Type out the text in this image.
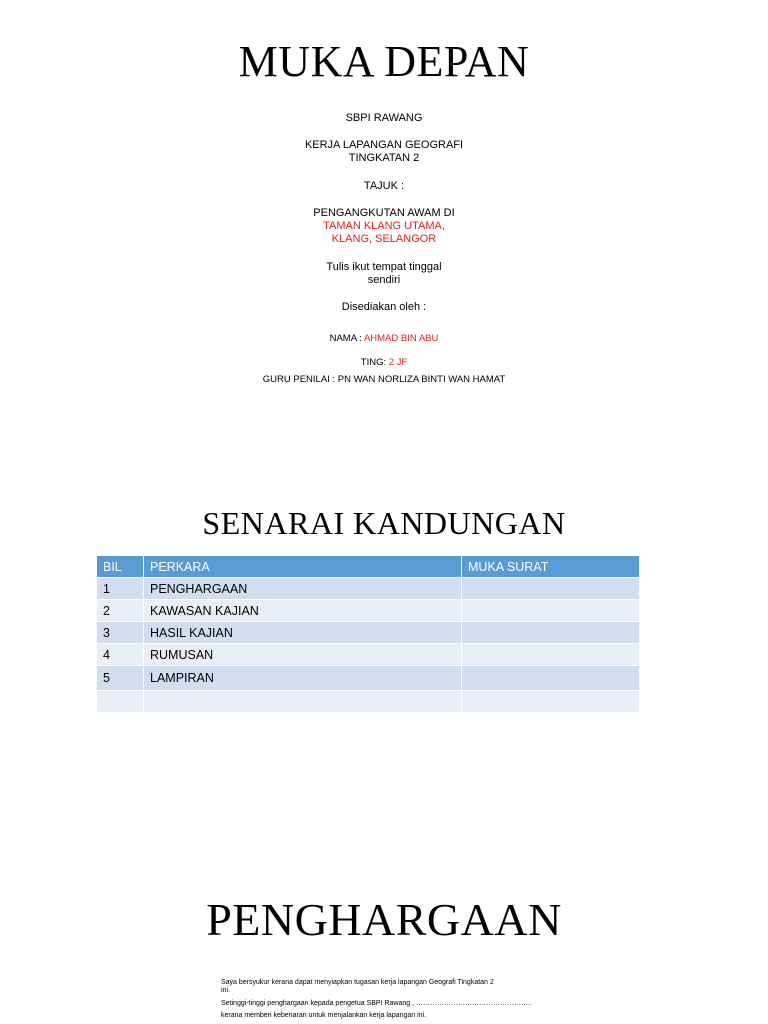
MUKA DEPAN
SBPI RAWANG
KERJA LAPANGAN GEOGRAFI
TINGKATAN 2
TAJUK :
PENGANGKUTAN AWAM DI
TAMAN KLANG UTAMA,
KLANG, SELANGOR
Tulis ikut tempat tinggal
sendiri
Disediakan oleh :
NAMA : AHMAD BIN ABU
TING: 2 JF
GURU PENILAI : PN WAN NORLIZA BINTI WAN HAMAT
SENARAI KANDUNGAN
BIL	PERKARA	MUKA SURAT
1	PENGHARGAAN	
2	KAWASAN KAJIAN	
3	HASIL KAJIAN	
4	RUMUSAN	
5	LAMPIRAN	

PENGHARGAAN
Saya bersyukur kerana dapat menyiapkan tugasan kerja lapangan Geografi Tingkatan 2
ini.
Setinggi-tinggi penghargaan kepada pengetua SBPI Rawang , …………………………………………..
kerana memberi kebenaran untuk menjalankan kerja lapangan ini.
